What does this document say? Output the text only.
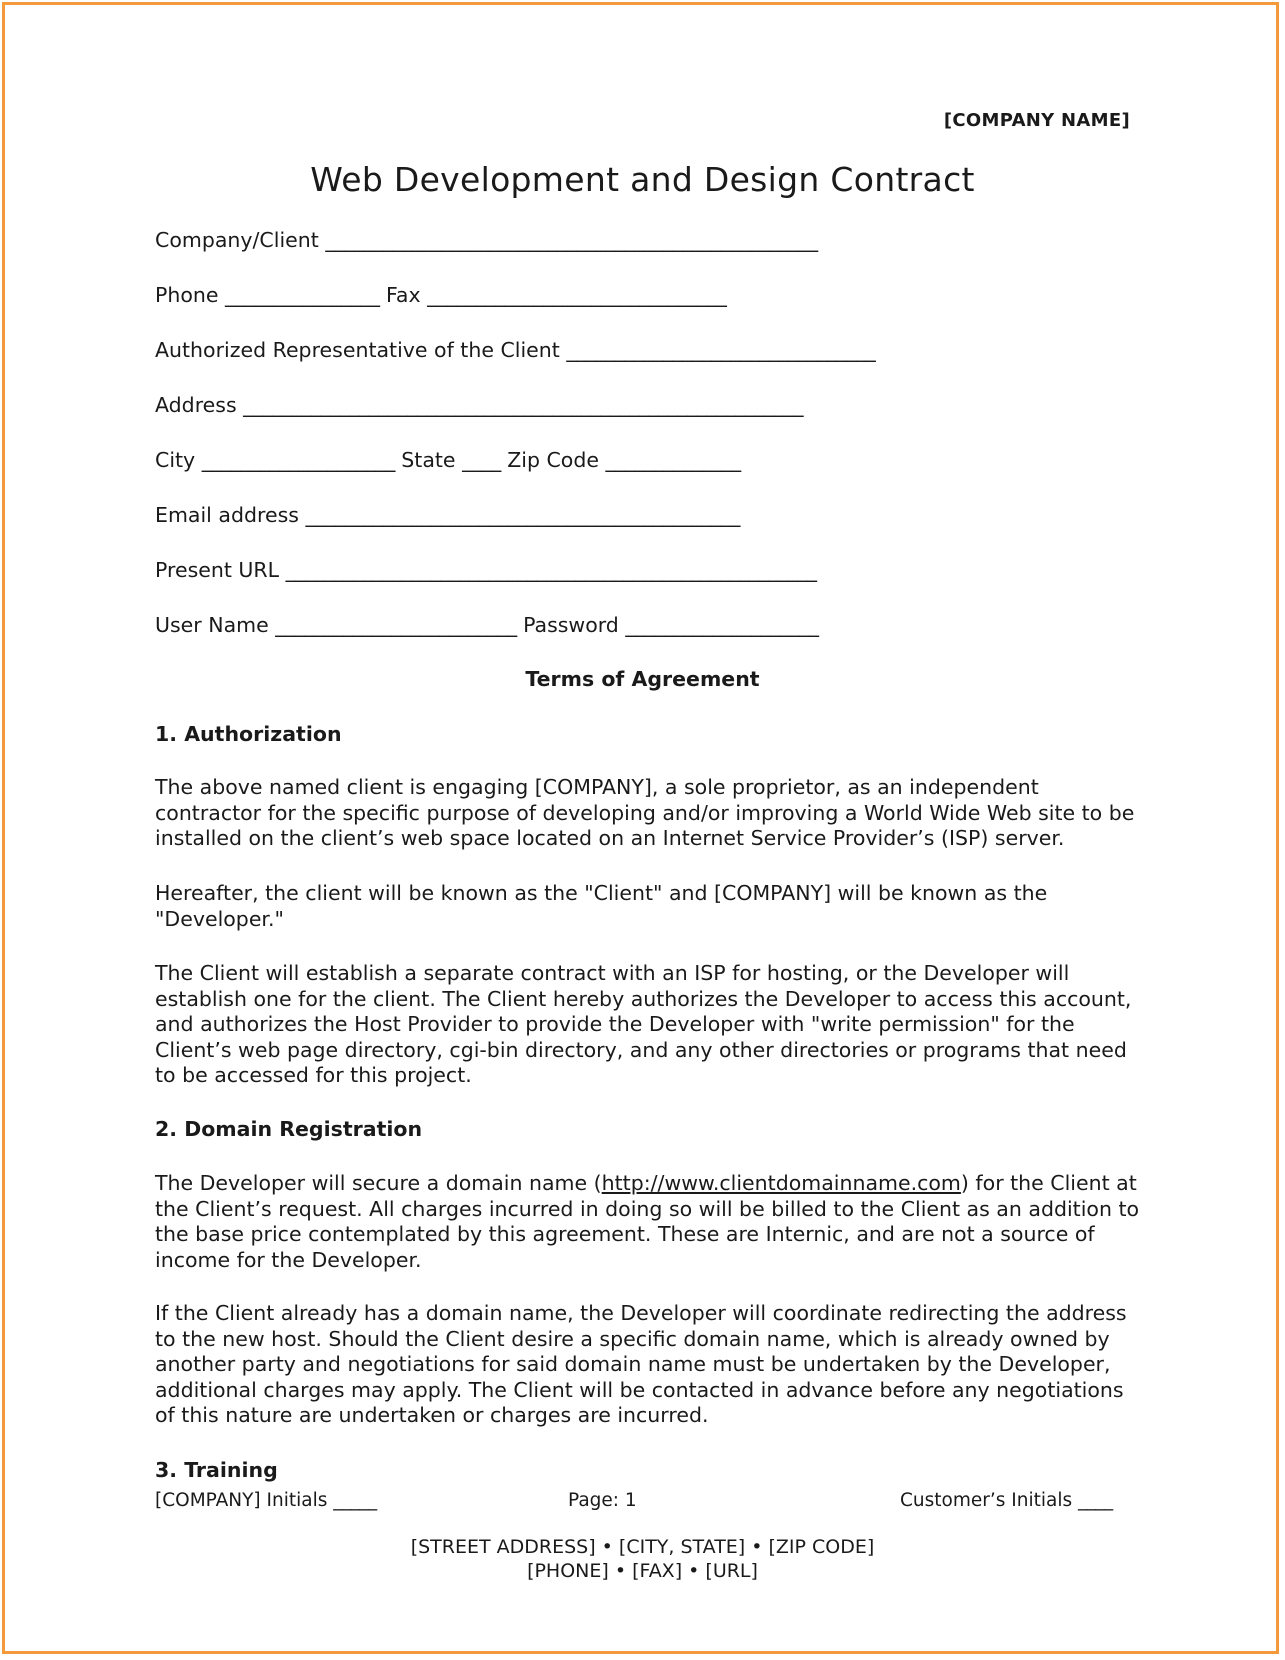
[COMPANY NAME]
Web Development and Design Contract
Company/Client ___________________________________________________
Phone ________________ Fax _______________________________
Authorized Representative of the Client ________________________________
Address __________________________________________________________
City ____________________ State ____ Zip Code ______________
Email address _____________________________________________
Present URL _______________________________________________________
User Name _________________________ Password ____________________
Terms of Agreement
1. Authorization

The above named client is engaging [COMPANY], a sole proprietor, as an independent contractor for the specific purpose of developing and/or improving a World Wide Web site to be installed on the client’s web space located on an Internet Service Provider’s (ISP) server.

Hereafter, the client will be known as the "Client" and [COMPANY] will be known as the "Developer."

The Client will establish a separate contract with an ISP for hosting, or the Developer will establish one for the client. The Client hereby authorizes the Developer to access this account, and authorizes the Host Provider to provide the Developer with "write permission" for the Client’s web page directory, cgi-bin directory, and any other directories or programs that need to be accessed for this project.

2. Domain Registration

The Developer will secure a domain name (http://www.clientdomainname.com) for the Client at the Client’s request. All charges incurred in doing so will be billed to the Client as an addition to the base price contemplated by this agreement. These are Internic, and are not a source of income for the Developer.

If the Client already has a domain name, the Developer will coordinate redirecting the address to the new host. Should the Client desire a specific domain name, which is already owned by another party and negotiations for said domain name must be undertaken by the Developer, additional charges may apply. The Client will be contacted in advance before any negotiations of this nature are undertaken or charges are incurred.

3. Training
[COMPANY] Initials _____	Page: 1	Customer’s Initials ____
[STREET ADDRESS] • [CITY, STATE] • [ZIP CODE]
[PHONE] • [FAX] • [URL]
